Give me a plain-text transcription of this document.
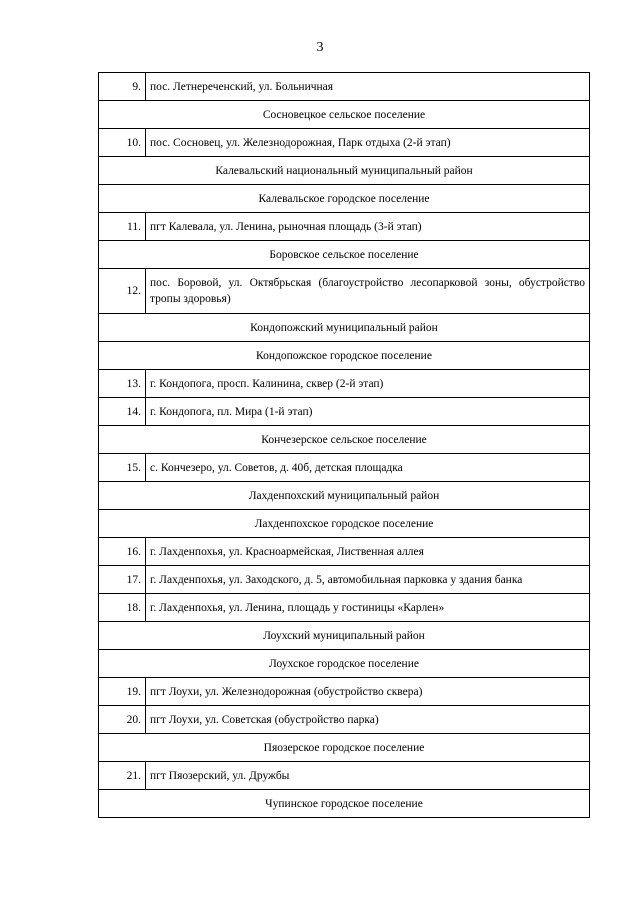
3
9.	пос. Летнереченский, ул. Больничная
Сосновецкое сельское поселение	
10.	пос. Сосновец, ул. Железнодорожная, Парк отдыха (2-й этап)
Калевальский национальный муниципальный район	
Калевальское городское поселение	
11.	пгт Калевала, ул. Ленина, рыночная площадь (3-й этап)
Боровское сельское поселение	
12.	пос. Боровой, ул. Октябрьская (благоустройство лесопарковой зоны, обустройство тропы здоровья)
Кондопожский муниципальный район	
Кондопожское городское поселение	
13.	г. Кондопога, просп. Калинина, сквер (2-й этап)
14.	г. Кондопога, пл. Мира (1-й этап)
Кончезерское сельское поселение	
15.	с. Кончезеро, ул. Советов, д. 40б, детская площадка
Лахденпохский муниципальный район	
Лахденпохское городское поселение	
16.	г. Лахденпохья, ул. Красноармейская, Лиственная аллея
17.	г. Лахденпохья, ул. Заходского, д. 5, автомобильная парковка у здания банка
18.	г. Лахденпохья, ул. Ленина, площадь у гостиницы «Карлен»
Лоухский муниципальный район	
Лоухское городское поселение	
19.	пгт Лоухи, ул. Железнодорожная (обустройство сквера)
20.	пгт Лоухи, ул. Советская (обустройство парка)
Пяозерское городское поселение	
21.	пгт Пяозерский, ул. Дружбы
Чупинское городское поселение	
